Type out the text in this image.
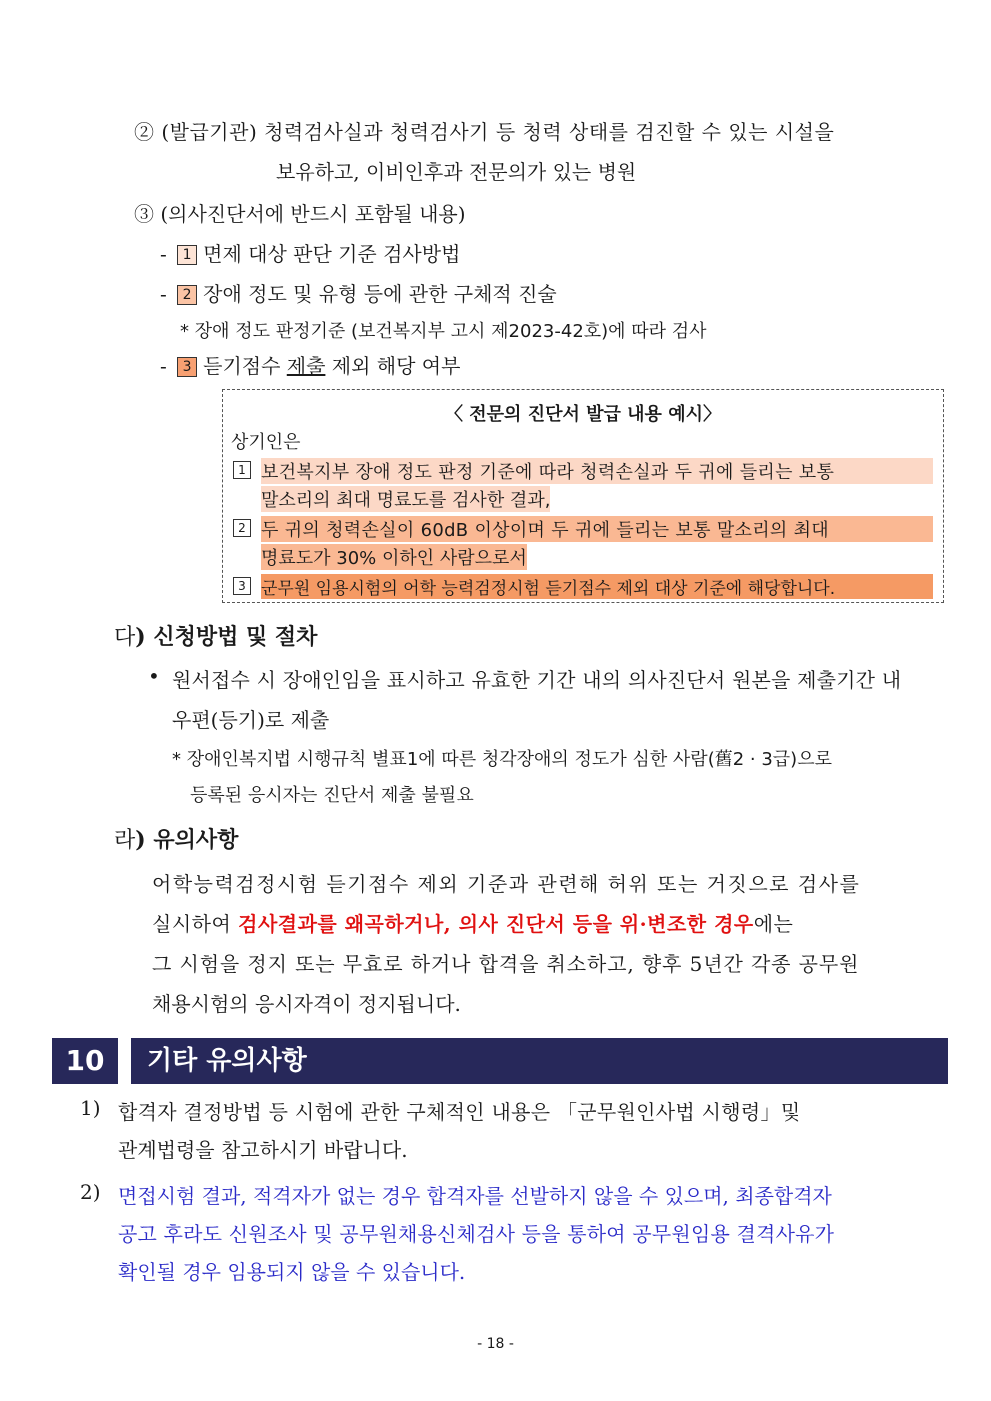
② (발급기관) 청력검사실과 청력검사기 등 청력 상태를 검진할 수 있는 시설을
보유하고, 이비인후과 전문의가 있는 병원
③ (의사진단서에 반드시 포함될 내용)
- 1 면제 대상 판단 기준 검사방법
- 2 장애 정도 및 유형 등에 관한 구체적 진술
* 장애 정도 판정기준 (보건복지부 고시 제2023-42호)에 따라 검사
- 3 듣기점수 제출 제외 해당 여부
〈 전문의 진단서 발급 내용 예시〉
상기인은
1 보건복지부 장애 정도 판정 기준에 따라 청력손실과 두 귀에 들리는 보통
말소리의 최대 명료도를 검사한 결과,
2 두 귀의 청력손실이 60dB 이상이며 두 귀에 들리는 보통 말소리의 최대
명료도가 30% 이하인 사람으로서
3 군무원 임용시험의 어학 능력검정시험 듣기점수 제외 대상 기준에 해당합니다.
다) 신청방법 및 절차
• 원서접수 시 장애인임을 표시하고 유효한 기간 내의 의사진단서 원본을 제출기간 내
우편(등기)로 제출
* 장애인복지법 시행규칙 별표1에 따른 청각장애의 정도가 심한 사람(舊2 · 3급)으로
등록된 응시자는 진단서 제출 불필요
라) 유의사항
어학능력검정시험 듣기점수 제외 기준과 관련해 허위 또는 거짓으로 검사를
실시하여 검사결과를 왜곡하거나, 의사 진단서 등을 위·변조한 경우에는
그 시험을 정지 또는 무효로 하거나 합격을 취소하고, 향후 5년간 각종 공무원
채용시험의 응시자격이 정지됩니다.
10	기타 유의사항
1) 합격자 결정방법 등 시험에 관한 구체적인 내용은 「군무원인사법 시행령」및
관계법령을 참고하시기 바랍니다.
2) 면접시험 결과, 적격자가 없는 경우 합격자를 선발하지 않을 수 있으며, 최종합격자
공고 후라도 신원조사 및 공무원채용신체검사 등을 통하여 공무원임용 결격사유가
확인될 경우 임용되지 않을 수 있습니다.
- 18 -
